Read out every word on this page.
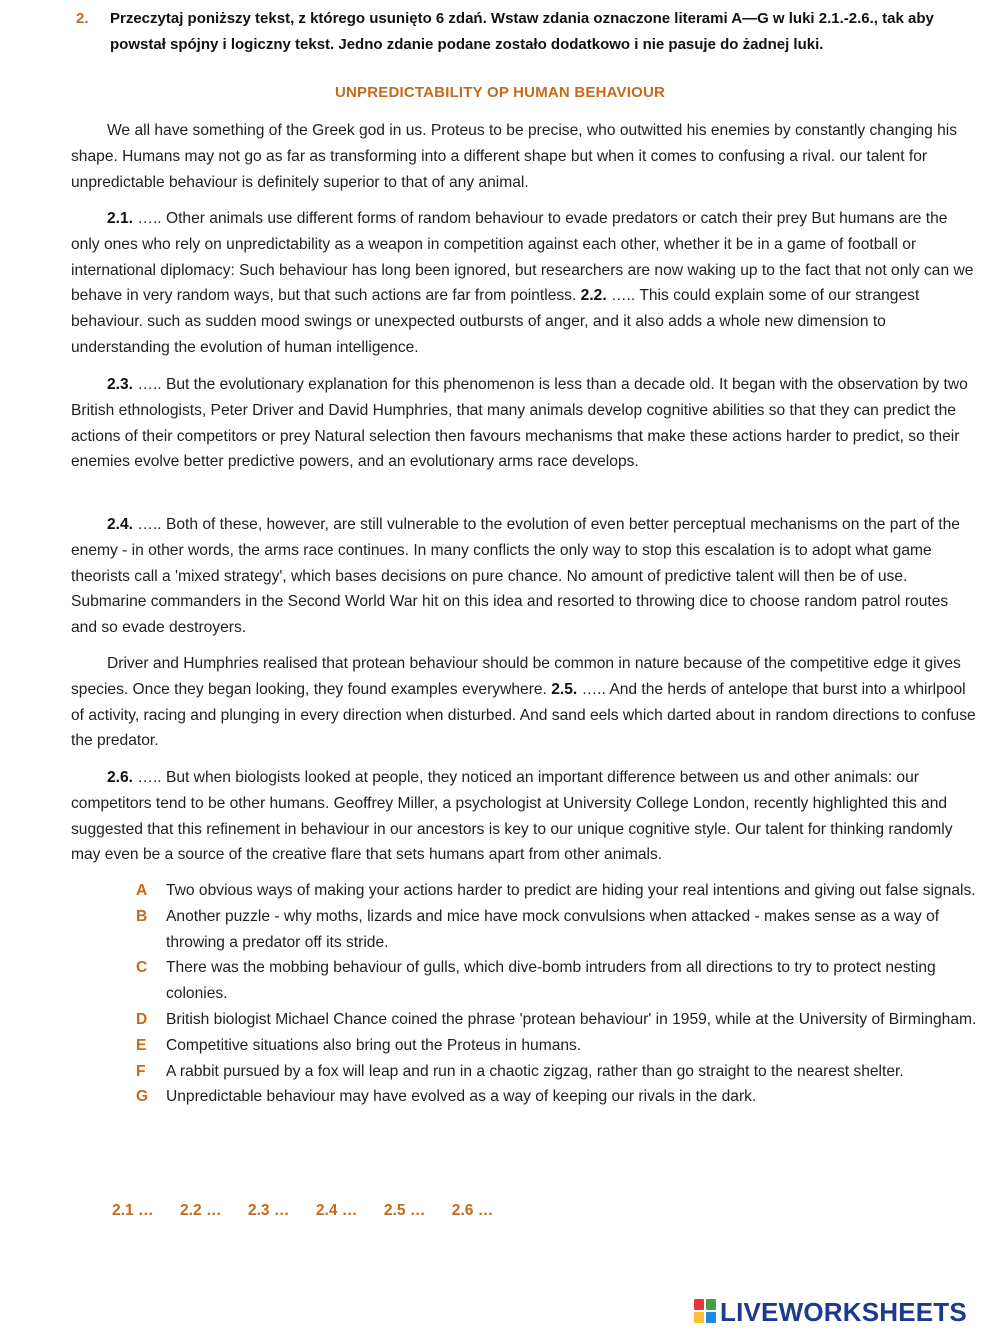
2. Przeczytaj poniższy tekst, z którego usunięto 6 zdań. Wstaw zdania oznaczone literami A—G w luki 2.1.-2.6., tak aby powstał spójny i logiczny tekst. Jedno zdanie podane zostało dodatkowo i nie pasuje do żadnej luki.
UNPREDICTABILITY OP HUMAN BEHAVIOUR

We all have something of the Greek god in us. Proteus to be precise, who outwitted his enemies by constantly changing his shape. Humans may not go as far as transforming into a different shape but when it comes to confusing a rival. our talent for unpredictable behaviour is definitely superior to that of any animal.

2.1. ….. Other animals use different forms of random behaviour to evade predators or catch their prey But humans are the only ones who rely on unpredictability as a weapon in competition against each other, whether it be in a game of football or international diplomacy: Such behaviour has long been ignored, but researchers are now waking up to the fact that not only can we behave in very random ways, but that such actions are far from pointless. 2.2. ….. This could explain some of our strangest behaviour. such as sudden mood swings or unexpected outbursts of anger, and it also adds a whole new dimension to understanding the evolution of human intelligence.

2.3. ….. But the evolutionary explanation for this phenomenon is less than a decade old. It began with the observation by two British ethnologists, Peter Driver and David Humphries, that many animals develop cognitive abilities so that they can predict the actions of their competitors or prey Natural selection then favours mechanisms that make these actions harder to predict, so their enemies evolve better predictive powers, and an evolutionary arms race develops.

2.4. ….. Both of these, however, are still vulnerable to the evolution of even better perceptual mechanisms on the part of the enemy - in other words, the arms race continues. In many conflicts the only way to stop this escalation is to adopt what game theorists call a 'mixed strategy', which bases decisions on pure chance. No amount of predictive talent will then be of use. Submarine commanders in the Second World War hit on this idea and resorted to throwing dice to choose random patrol routes and so evade destroyers.

Driver and Humphries realised that protean behaviour should be common in nature because of the competitive edge it gives species. Once they began looking, they found examples everywhere. 2.5. ….. And the herds of antelope that burst into a whirlpool of activity, racing and plunging in every direction when disturbed. And sand eels which darted about in random directions to confuse the predator.

2.6. ….. But when biologists looked at people, they noticed an important difference between us and other animals: our competitors tend to be other humans. Geoffrey Miller, a psychologist at University College London, recently highlighted this and suggested that this refinement in behaviour in our ancestors is key to our unique cognitive style. Our talent for thinking randomly may even be a source of the creative flare that sets humans apart from other animals.

A Two obvious ways of making your actions harder to predict are hiding your real intentions and giving out false signals.
B Another puzzle - why moths, lizards and mice have mock convulsions when attacked - makes sense as a way of throwing a predator off its stride.
C There was the mobbing behaviour of gulls, which dive-bomb intruders from all directions to try to protect nesting colonies.
D British biologist Michael Chance coined the phrase 'protean behaviour' in 1959, while at the University of Birmingham.
E Competitive situations also bring out the Proteus in humans.
F A rabbit pursued by a fox will leap and run in a chaotic zigzag, rather than go straight to the nearest shelter.
G Unpredictable behaviour may have evolved as a way of keeping our rivals in the dark.
2.1 … 2.2 … 2.3 … 2.4 … 2.5 … 2.6 …
LIVEWORKSHEETS
